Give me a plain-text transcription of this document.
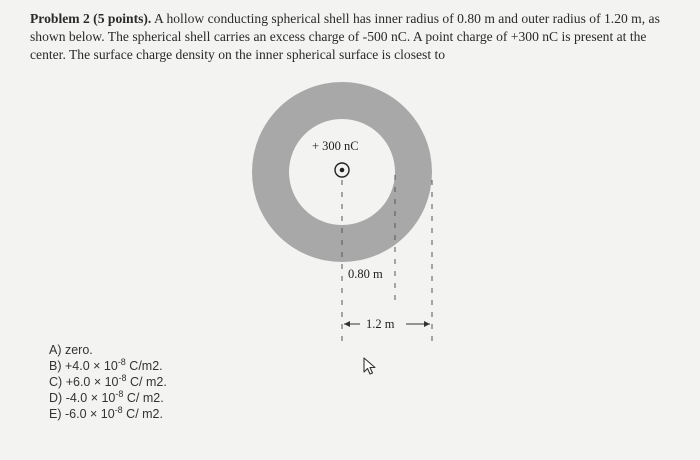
Problem 2 (5 points). A hollow conducting spherical shell has inner radius of 0.80 m and outer radius of 1.20 m, as shown below. The spherical shell carries an excess charge of -500 nC. A point charge of +300 nC is present at the center. The surface charge density on the inner spherical surface is closest to
+ 300 nC
0.80 m
1.2 m
A) zero.
$B) +4.0 \times 10^{-8}$ C/m2.
$C) +6.0 \times 10^{-8}$ C/ m2.
D) $-4.0 \times 10^{-8}$ C/ m2.
E) $-6.0 \times 10^{-8}$ C/ m2.
